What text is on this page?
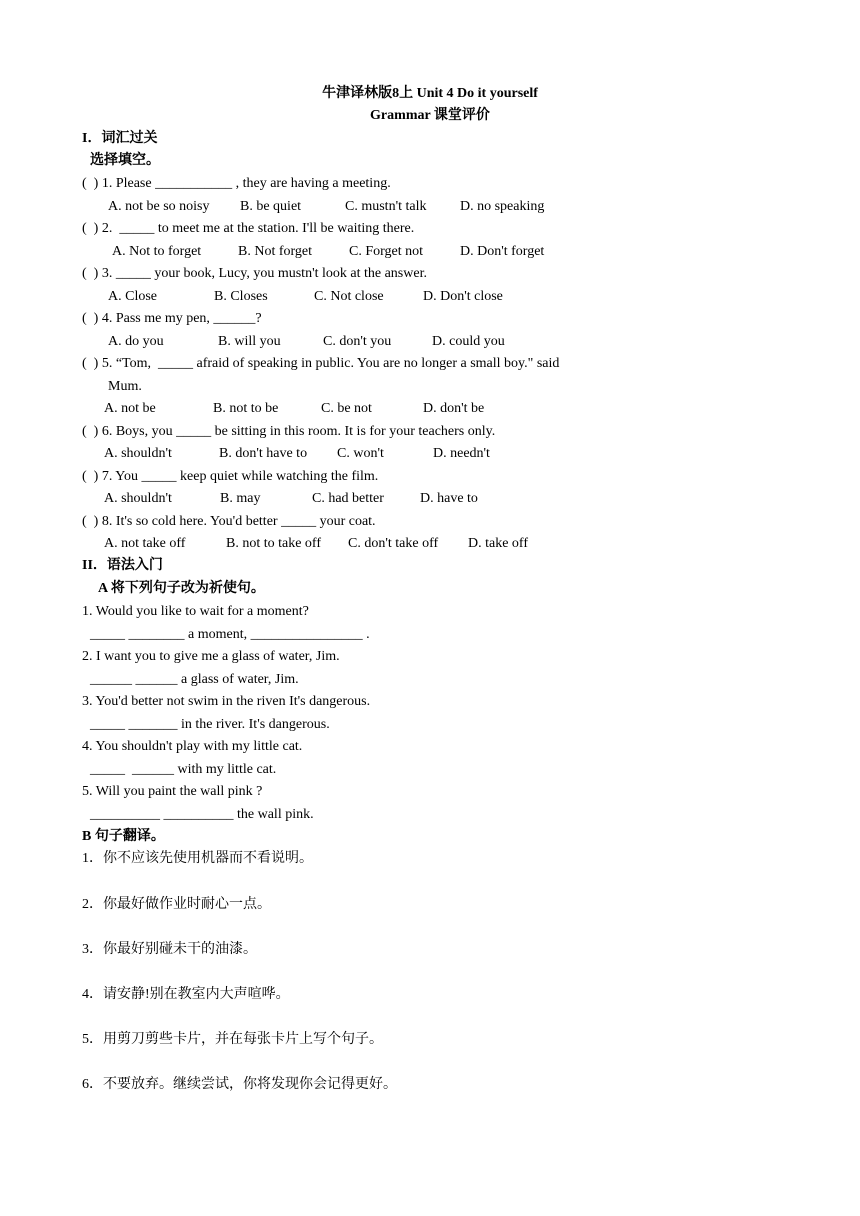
牛津译林版8上 Unit 4 Do it yourself
Grammar 课堂评价
I．词汇过关
选择填空。
(  ) 1. Please ___________ , they are having a meeting.
A. not be so noisy B. be quiet	C. mustn't talk D. no speaking
(  ) 2.  _____ to meet me at the station. I'll be waiting there.
A. Not to forget	B. Not forget	C. Forget not	D. Don't forget
(  ) 3. _____ your book, Lucy, you mustn't look at the answer.
A. Close	B. Closes	C. Not close	D. Don't close
(  ) 4. Pass me my pen, ______?
A. do you	B. will you	C. don't you	D. could you
(  ) 5. “Tom,  _____ afraid of speaking in public. You are no longer a small boy." said
Mum.
A. not be	B. not to be	C. be not	D. don't be
(  ) 6. Boys, you _____ be sitting in this room. It is for your teachers only.
A. shouldn't	B. don't have to C. won't	D. needn't
(  ) 7. You _____ keep quiet while watching the film.
A. shouldn't	B. may	C. had better	D. have to
(  ) 8. It's so cold here. You'd better _____ your coat.
A. not take off	B. not to take off C. don't take off D. take off
II．语法入门
A 将下列句子改为祈使句。
1. Would you like to wait for a moment?
_____ ________ a moment, ________________ .
2. I want you to give me a glass of water, Jim.
______ ______ a glass of water, Jim.
3. You'd better not swim in the riven It's dangerous.
_____ _______ in the river. It's dangerous.
4. You shouldn't play with my little cat.
_____  ______ with my little cat.
5. Will you paint the wall pink ?
__________ __________ the wall pink.
B 句子翻译。
1．你不应该先使用机器而不看说明。
2．你最好做作业时耐心一点。
3．你最好别碰未干的油漆。
4．请安静!别在教室内大声喧哗。
5．用剪刀剪些卡片，并在每张卡片上写个句子。
6．不要放弃。继续尝试，你将发现你会记得更好。
